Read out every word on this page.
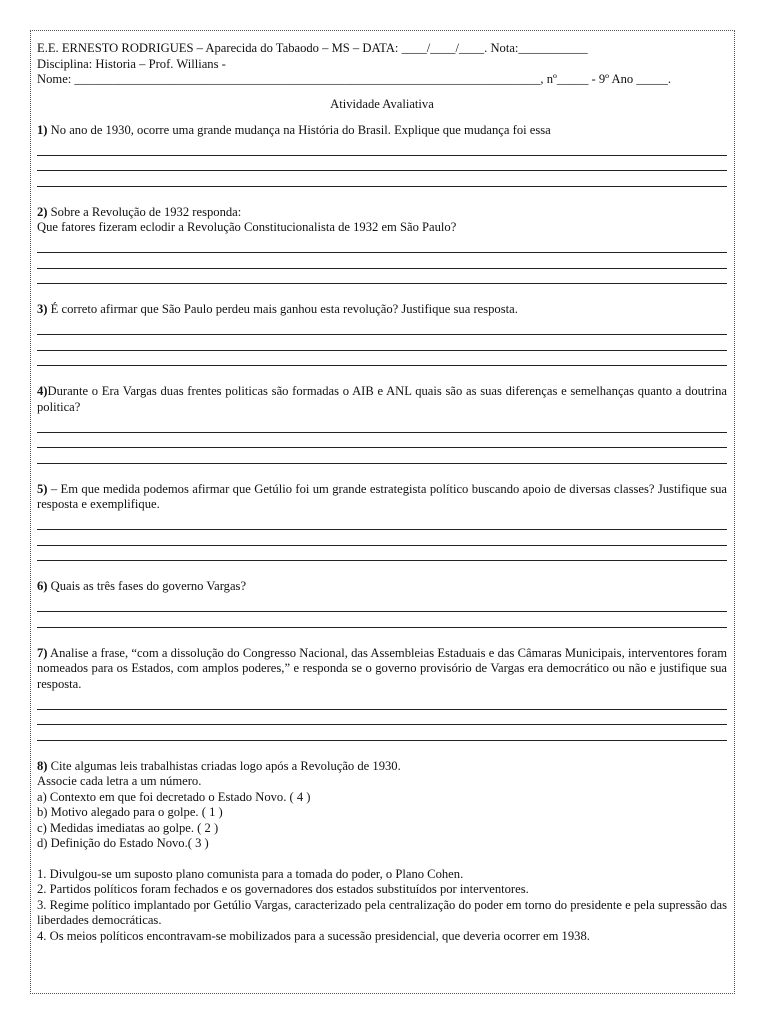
E.E. ERNESTO RODRIGUES – Aparecida do Tabaodo – MS – DATA: ____/____/____. Nota:___________
Disciplina: Historia – Prof. Willians -
Nome: __________________________________________________________________________, nº_____ - 9º Ano _____.
Atividade Avaliativa
1) No ano de 1930, ocorre uma grande mudança na História do Brasil. Explique que mudança foi essa
2) Sobre a Revolução de 1932 responda:
Que fatores fizeram eclodir a Revolução Constitucionalista de 1932 em São Paulo?
3) É correto afirmar que São Paulo perdeu mais ganhou esta revolução? Justifique sua resposta.
4)Durante o Era Vargas duas frentes politicas são formadas o AIB e ANL quais são as suas diferenças e semelhanças quanto a doutrina politica?
5) – Em que medida podemos afirmar que Getúlio foi um grande estrategista político buscando apoio de diversas classes? Justifique sua resposta e exemplifique.
6) Quais as três fases do governo Vargas?
7) Analise a frase, “com a dissolução do Congresso Nacional, das Assembleias Estaduais e das Câmaras Municipais, interventores foram nomeados para os Estados, com amplos poderes,” e responda se o governo provisório de Vargas era democrático ou não e justifique sua resposta.
8) Cite algumas leis trabalhistas criadas logo após a Revolução de 1930.
Associe cada letra a um número.
a) Contexto em que foi decretado o Estado Novo. ( 4 )
b) Motivo alegado para o golpe. ( 1 )
c) Medidas imediatas ao golpe. ( 2 )
d) Definição do Estado Novo.( 3 )
1. Divulgou-se um suposto plano comunista para a tomada do poder, o Plano Cohen.
2. Partidos políticos foram fechados e os governadores dos estados substituídos por interventores.
3. Regime político implantado por Getúlio Vargas, caracterizado pela centralização do poder em torno do presidente e pela supressão das liberdades democráticas.
4. Os meios políticos encontravam-se mobilizados para a sucessão presidencial, que deveria ocorrer em 1938.
